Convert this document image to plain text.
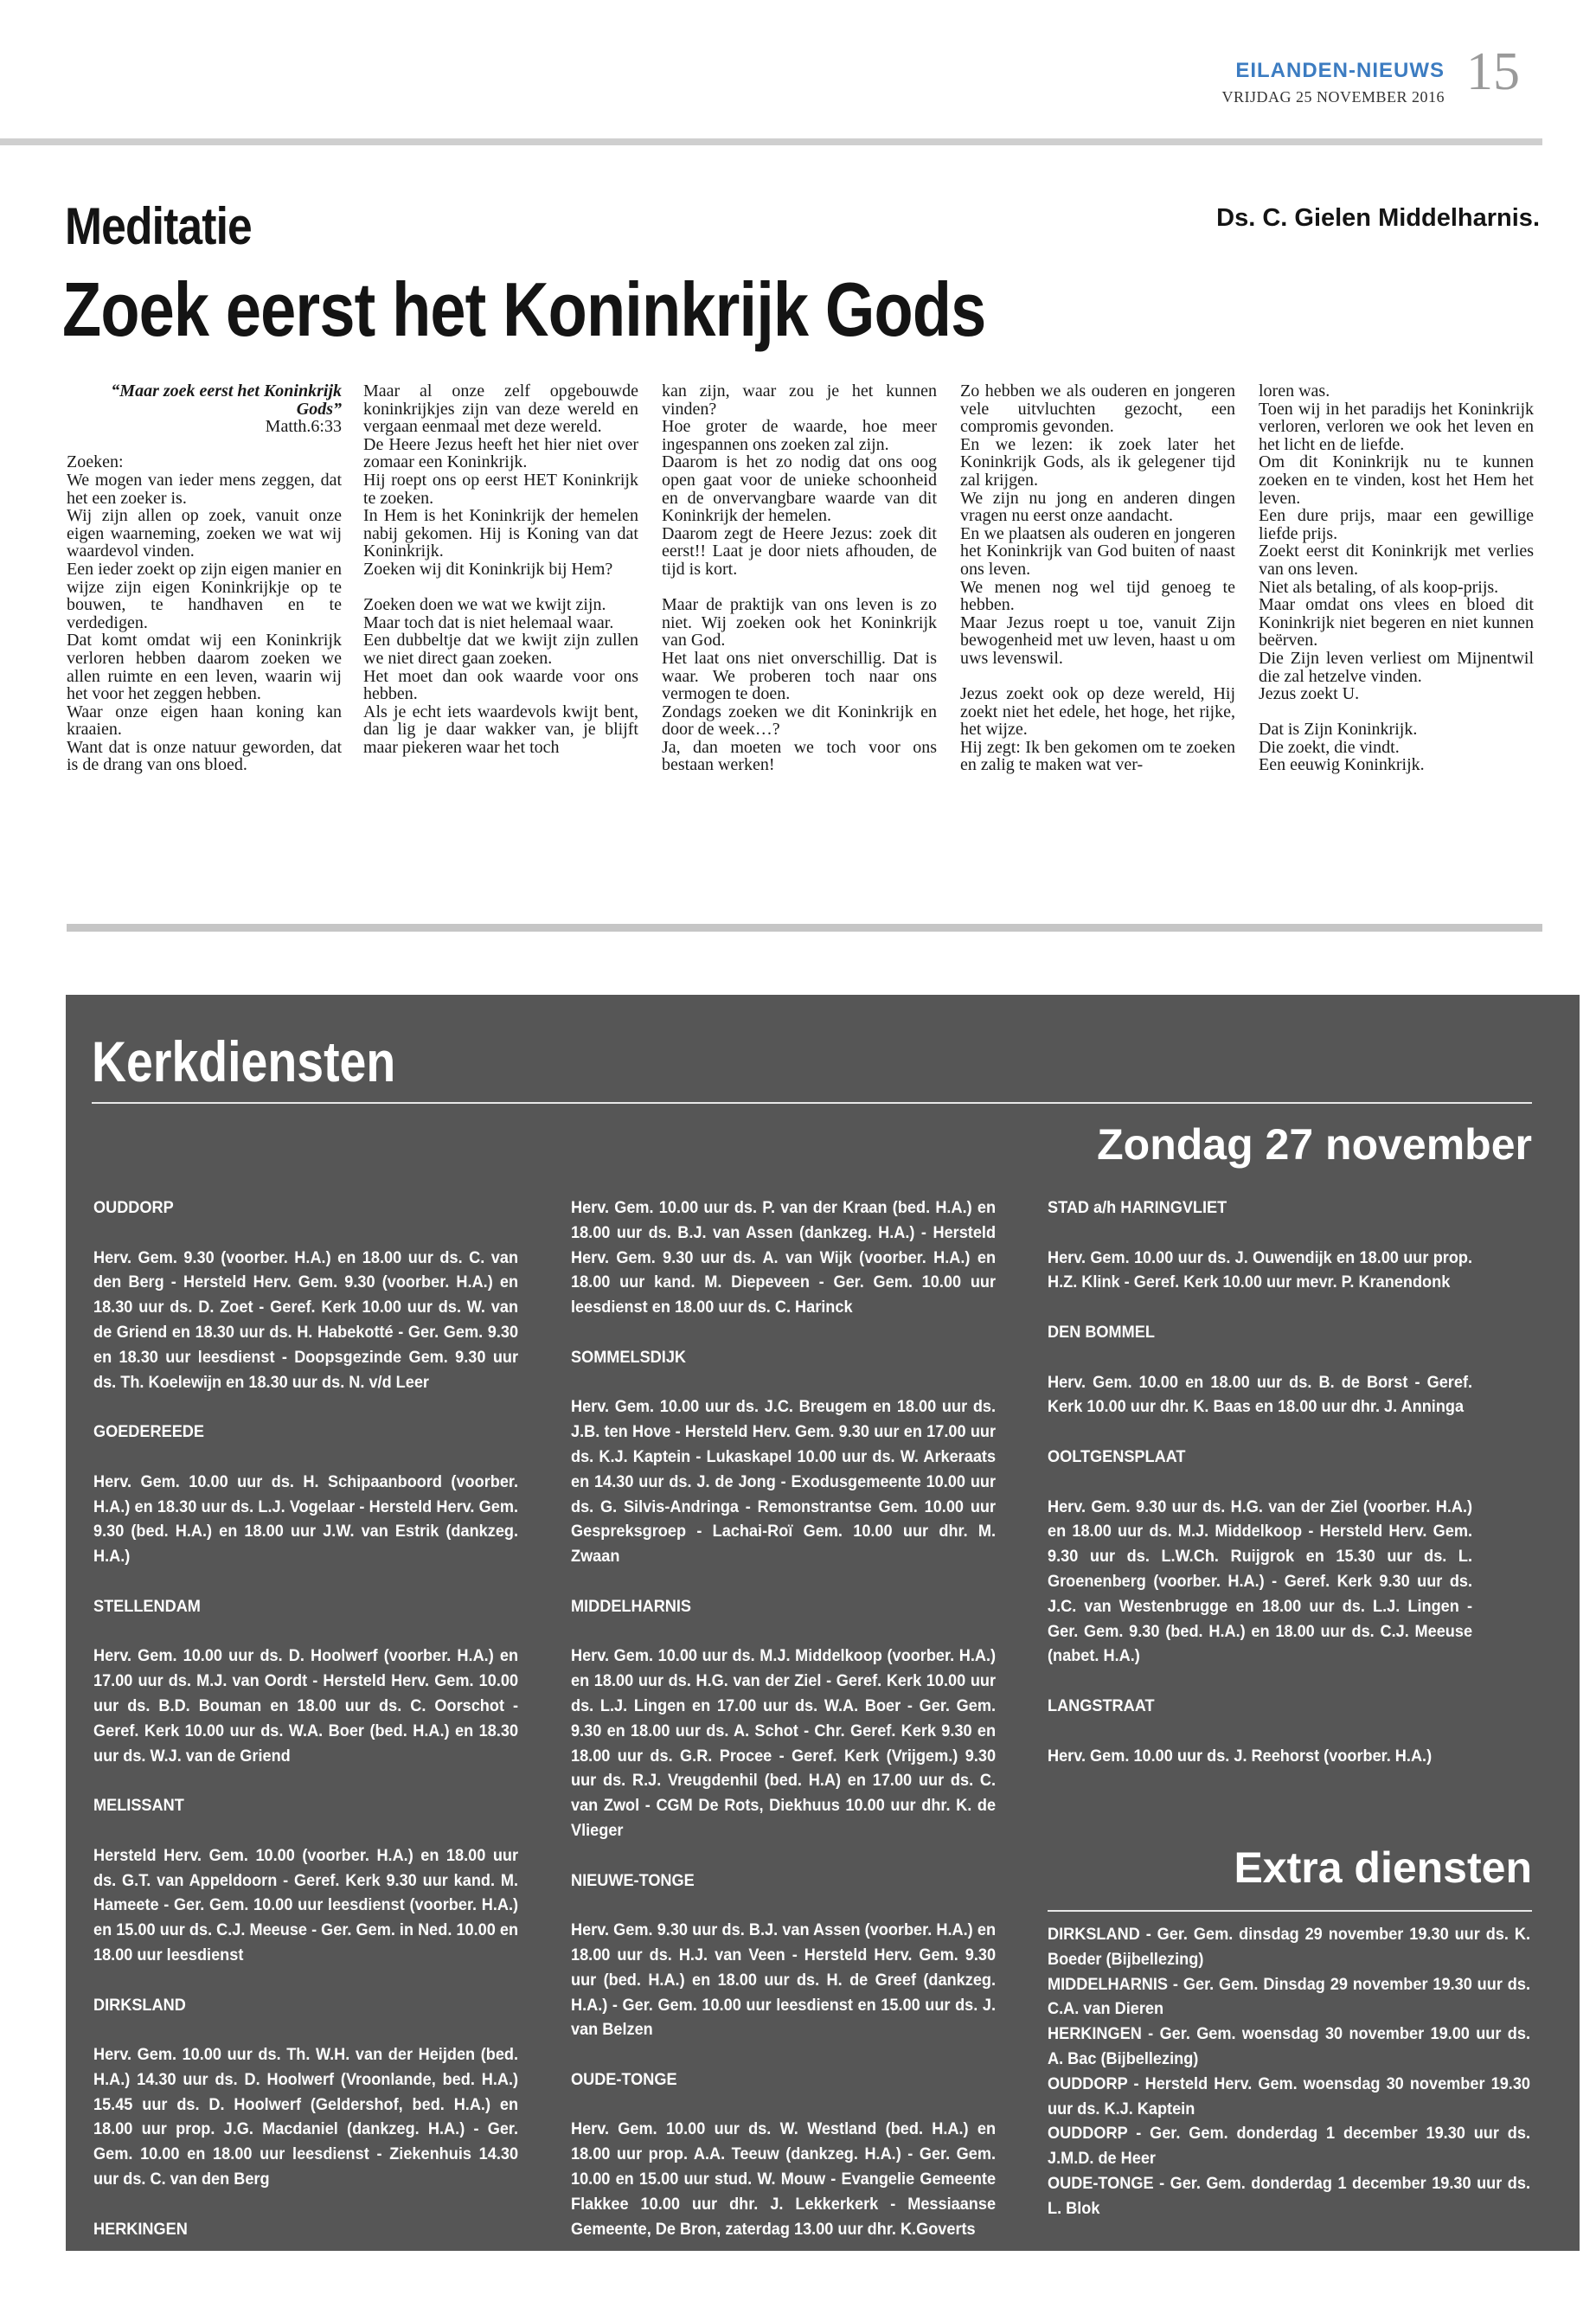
EILANDEN-NIEUWS
VRIJDAG 25 NOVEMBER 2016 15
Meditatie	Ds. C. Gielen Middelharnis.
Zoek eerst het Koninkrijk Gods

“Maar zoek eerst het Koninkrijk Gods”

Matth.6:33

Zoeken:

We mogen van ieder mens zeggen, dat het een zoeker is.

Wij zijn allen op zoek, vanuit onze eigen waarneming, zoeken we wat wij waardevol vinden.

Een ieder zoekt op zijn eigen manier en wijze zijn eigen Koninkrijkje op te bouwen, te handhaven en te verdedigen.

Dat komt omdat wij een Koninkrijk verloren hebben daarom zoeken we allen ruimte en een leven, waarin wij het voor het zeggen hebben.

Waar onze eigen haan koning kan kraaien.

Want dat is onze natuur geworden, dat is de drang van ons bloed.

Maar al onze zelf opgebouwde koninkrijkjes zijn van deze wereld en vergaan eenmaal met deze wereld.

De Heere Jezus heeft het hier niet over zomaar een Koninkrijk.

Hij roept ons op eerst HET Koninkrijk te zoeken.

In Hem is het Koninkrijk der hemelen nabij gekomen. Hij is Koning van dat Koninkrijk.

Zoeken wij dit Koninkrijk bij Hem?

Zoeken doen we wat we kwijt zijn.

Maar toch dat is niet helemaal waar.

Een dubbeltje dat we kwijt zijn zullen we niet direct gaan zoeken.

Het moet dan ook waarde voor ons hebben.

Als je echt iets waardevols kwijt bent, dan lig je daar wakker van, je blijft maar piekeren waar het toch

kan zijn, waar zou je het kunnen vinden?

Hoe groter de waarde, hoe meer ingespannen ons zoeken zal zijn.

Daarom is het zo nodig dat ons oog open gaat voor de unieke schoonheid en de onvervangbare waarde van dit Koninkrijk der hemelen.

Daarom zegt de Heere Jezus: zoek dit eerst!! Laat je door niets afhouden, de tijd is kort.

Maar de praktijk van ons leven is zo niet. Wij zoeken ook het Koninkrijk van God.

Het laat ons niet onverschillig. Dat is waar. We proberen toch naar ons vermogen te doen.

Zondags zoeken we dit Koninkrijk en door de week…?

Ja, dan moeten we toch voor ons bestaan werken!

Zo hebben we als ouderen en jongeren vele uitvluchten gezocht, een compromis gevonden.

En we lezen: ik zoek later het Koninkrijk Gods, als ik gelegener tijd zal krijgen.

We zijn nu jong en anderen dingen vragen nu eerst onze aandacht.

En we plaatsen als ouderen en jongeren het Koninkrijk van God buiten of naast ons leven.

We menen nog wel tijd genoeg te hebben.

Maar Jezus roept u toe, vanuit Zijn bewogenheid met uw leven, haast u om uws levenswil.

Jezus zoekt ook op deze wereld, Hij zoekt niet het edele, het hoge, het rijke, het wijze.

Hij zegt: Ik ben gekomen om te zoeken en zalig te maken wat ver-

loren was.

Toen wij in het paradijs het Koninkrijk verloren, verloren we ook het leven en het licht en de liefde.

Om dit Koninkrijk nu te kunnen zoeken en te vinden, kost het Hem het leven.

Een dure prijs, maar een gewillige liefde prijs.

Zoekt eerst dit Koninkrijk met verlies van ons leven.

Niet als betaling, of als koop-prijs.

Maar omdat ons vlees en bloed dit Koninkrijk niet begeren en niet kunnen beërven.

Die Zijn leven verliest om Mijnentwil die zal hetzelve vinden.

Jezus zoekt U.

Dat is Zijn Koninkrijk.

Die zoekt, die vindt.

Een eeuwig Koninkrijk.

Kerkdiensten
Zondag 27 november

OUDDORP

Herv. Gem. 9.30 (voorber. H.A.) en 18.00 uur ds. C. van den Berg - Hersteld Herv. Gem. 9.30 (voorber. H.A.) en 18.30 uur ds. D. Zoet - Geref. Kerk 10.00 uur ds. W. van de Griend en 18.30 uur ds. H. Habekotté - Ger. Gem. 9.30 en 18.30 uur leesdienst - Doopsgezinde Gem. 9.30 uur ds. Th. Koelewijn en 18.30 uur ds. N. v/d Leer

GOEDEREEDE

Herv. Gem. 10.00 uur ds. H. Schipaanboord (voorber. H.A.) en 18.30 uur ds. L.J. Vogelaar - Hersteld Herv. Gem. 9.30 (bed. H.A.) en 18.00 uur J.W. van Estrik (dankzeg. H.A.)

STELLENDAM

Herv. Gem. 10.00 uur ds. D. Hoolwerf (voorber. H.A.) en 17.00 uur ds. M.J. van Oordt - Hersteld Herv. Gem. 10.00 uur ds. B.D. Bouman en 18.00 uur ds. C. Oorschot - Geref. Kerk 10.00 uur ds. W.A. Boer (bed. H.A.) en 18.30 uur ds. W.J. van de Griend

MELISSANT

Hersteld Herv. Gem. 10.00 (voorber. H.A.) en 18.00 uur ds. G.T. van Appeldoorn - Geref. Kerk 9.30 uur kand. M. Hameete - Ger. Gem. 10.00 uur leesdienst (voorber. H.A.) en 15.00 uur ds. C.J. Meeuse - Ger. Gem. in Ned. 10.00 en 18.00 uur leesdienst

DIRKSLAND

Herv. Gem. 10.00 uur ds. Th. W.H. van der Heijden (bed. H.A.) 14.30 uur ds. D. Hoolwerf (Vroonlande, bed. H.A.) 15.45 uur ds. D. Hoolwerf (Geldershof, bed. H.A.) en 18.00 uur prop. J.G. Macdaniel (dankzeg. H.A.) - Ger. Gem. 10.00 en 18.00 uur leesdienst - Ziekenhuis 14.30 uur ds. C. van den Berg

HERKINGEN

Herv. Gem. 10.00 uur ds. P. van der Kraan (bed. H.A.) en 18.00 uur ds. B.J. van Assen (dankzeg. H.A.) - Hersteld Herv. Gem. 9.30 uur ds. A. van Wijk (voorber. H.A.) en 18.00 uur kand. M. Diepeveen - Ger. Gem. 10.00 uur leesdienst en 18.00 uur ds. C. Harinck

SOMMELSDIJK

Herv. Gem. 10.00 uur ds. J.C. Breugem en 18.00 uur ds. J.B. ten Hove - Hersteld Herv. Gem. 9.30 uur en 17.00 uur ds. K.J. Kaptein - Lukaskapel 10.00 uur ds. W. Arkeraats en 14.30 uur ds. J. de Jong - Exodusgemeente 10.00 uur ds. G. Silvis-Andringa - Remonstrantse Gem. 10.00 uur Gespreksgroep - Lachai-Roï Gem. 10.00 uur dhr. M. Zwaan

MIDDELHARNIS

Herv. Gem. 10.00 uur ds. M.J. Middelkoop (voorber. H.A.) en 18.00 uur ds. H.G. van der Ziel - Geref. Kerk 10.00 uur ds. L.J. Lingen en 17.00 uur ds. W.A. Boer - Ger. Gem. 9.30 en 18.00 uur ds. A. Schot - Chr. Geref. Kerk 9.30 en 18.00 uur ds. G.R. Procee - Geref. Kerk (Vrijgem.) 9.30 uur ds. R.J. Vreugdenhil (bed. H.A) en 17.00 uur ds. C. van Zwol - CGM De Rots, Diekhuus 10.00 uur dhr. K. de Vlieger

NIEUWE-TONGE

Herv. Gem. 9.30 uur ds. B.J. van Assen (voorber. H.A.) en 18.00 uur ds. H.J. van Veen - Hersteld Herv. Gem. 9.30 uur (bed. H.A.) en 18.00 uur ds. H. de Greef (dankzeg. H.A.) - Ger. Gem. 10.00 uur leesdienst en 15.00 uur ds. J. van Belzen

OUDE-TONGE

Herv. Gem. 10.00 uur ds. W. Westland (bed. H.A.) en 18.00 uur prop. A.A. Teeuw (dankzeg. H.A.) - Ger. Gem. 10.00 en 15.00 uur stud. W. Mouw - Evangelie Gemeente Flakkee 10.00 uur dhr. J. Lekkerkerk - Messiaanse Gemeente, De Bron, zaterdag 13.00 uur dhr. K.Goverts

STAD a/h HARINGVLIET

Herv. Gem. 10.00 uur ds. J. Ouwendijk en 18.00 uur prop. H.Z. Klink - Geref. Kerk 10.00 uur mevr. P. Kranendonk

DEN BOMMEL

Herv. Gem. 10.00 en 18.00 uur ds. B. de Borst - Geref. Kerk 10.00 uur dhr. K. Baas en 18.00 uur dhr. J. Anninga

OOLTGENSPLAAT

Herv. Gem. 9.30 uur ds. H.G. van der Ziel (voorber. H.A.) en 18.00 uur ds. M.J. Middelkoop - Hersteld Herv. Gem. 9.30 uur ds. L.W.Ch. Ruijgrok en 15.30 uur ds. L. Groenenberg (voorber. H.A.) - Geref. Kerk 9.30 uur ds. J.C. van Westenbrugge en 18.00 uur ds. L.J. Lingen - Ger. Gem. 9.30 (bed. H.A.) en 18.00 uur ds. C.J. Meeuse (nabet. H.A.)

LANGSTRAAT

Herv. Gem. 10.00 uur ds. J. Reehorst (voorber. H.A.)

Extra diensten

DIRKSLAND - Ger. Gem. dinsdag 29 november 19.30 uur ds. K. Boeder (Bijbellezing)

MIDDELHARNIS - Ger. Gem. Dinsdag 29 november 19.30 uur ds. C.A. van Dieren

HERKINGEN - Ger. Gem. woensdag 30 november 19.00 uur ds. A. Bac (Bijbellezing)

OUDDORP - Hersteld Herv. Gem. woensdag 30 november 19.30 uur ds. K.J. Kaptein

OUDDORP - Ger. Gem. donderdag 1 december 19.30 uur ds. J.M.D. de Heer

OUDE-TONGE - Ger. Gem. donderdag 1 december 19.30 uur ds. L. Blok
